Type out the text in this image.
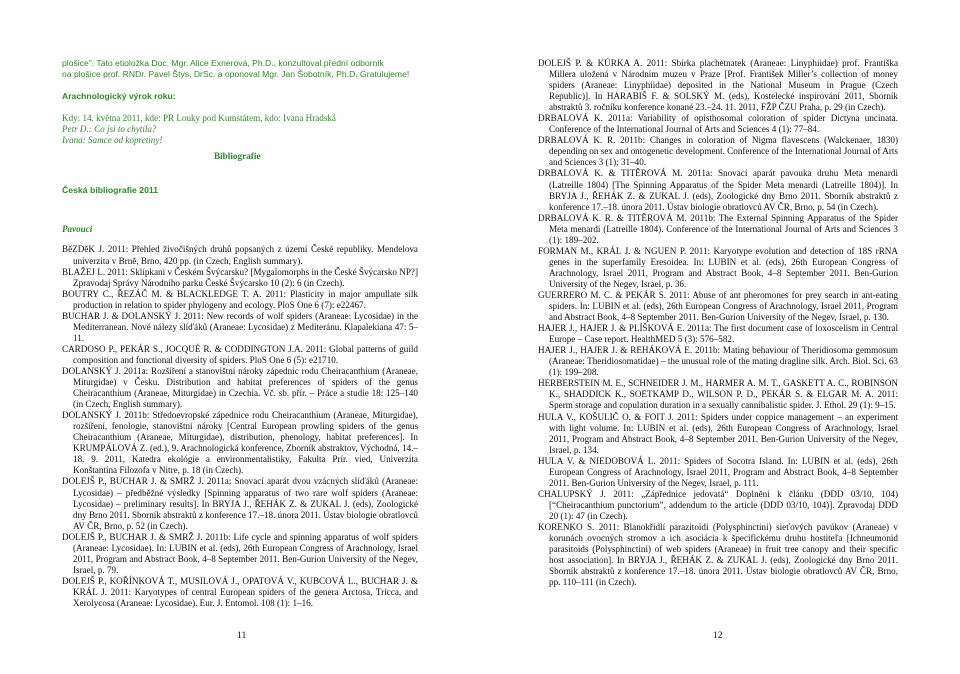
plošice". Tato etioložka Doc. Mgr. Alice Exnerová, Ph.D., konzultoval přední odborník

na plošice prof. RNDr. Pavel Štys, DrSc. a oponoval Mgr. Jan Šobotník, Ph.D. Gratulujeme!

Arachnologický výrok roku:

Kdy: 14. května 2011, kde: PR Louky pod Kumstátem, kdo: Ivana Hradská

Petr D.: Co jsi to chytila?

Ivana: Samce od kopretiny!

Bibliografie
Česká bibliografie 2011
Pavouci

BěZDěK J. 2011: Přehled živočišných druhů popsaných z území České republiky. Mendelova univerzita v Brně, Brno, 420 pp. (in Czech, English summary).

BLAŽEJ L. 2011: Sklípkani v Českém Švýcarsku? [Mygalomorphs in the České Švýcarsko NP?] Zpravodaj Správy Národního parku České Švýcarsko 10 (2): 6 (in Czech).

BOUTRY C., ŘEZÁČ M. & BLACKLEDGE T. A. 2011: Plasticity in major ampullate silk production in relation to spider phylogeny and ecology. PloS One 6 (7): e22467.

BUCHAR J. & DOLANSKÝ J. 2011: New records of wolf spiders (Araneae: Lycosidae) in the Mediterranean. Nové nálezy slíďáků (Araneae: Lycosidae) z Mediteránu. Klapalekiana 47: 5–11.

CARDOSO P., PEKÁR S., JOCQUÉ R. & CODDINGTON J.A. 2011: Global patterns of guild composition and functional diversity of spiders. PloS One 6 (5): e21710.

DOLANSKÝ J. 2011a: Rozšíření a stanovištní nároky zápednic rodu Cheiracanthium (Araneae, Miturgidae) v Česku. Distribution and habitat preferences of spiders of the genus Cheiracanthium (Araneae, Miturgidae) in Czechia. Vč. sb. přír. – Práce a studie 18: 125–140 (in Czech, English summary).

DOLANSKÝ J. 2011b: Středoevropské zápednice rodu Cheiracanthium (Araneae, Miturgidae), rozšíření, fenologie, stanovištní nároky [Central European prowling spiders of the genus Cheiracanthium (Araneae, Miturgidae), distribution, phenology, habitat preferences]. In KRUMPÁLOVÁ Z. (ed.), 9. Arachnologická konference, Zborník abstraktov, Východná, 14.–18. 9. 2011, Katedra ekológie a environmentalistiky, Fakulta Prír. vied, Univerzita Konštantína Filozofa v Nitre, p. 18 (in Czech).

DOLEJŠ P., BUCHAR J. & SMRŽ J. 2011a: Snovací aparát dvou vzácných slíďáků (Araneae: Lycosidae) – předběžné výsledky [Spinning apparatus of two rare wolf spiders (Araneae: Lycosidae) – preliminary results]. In BRYJA J., ŘEHÁK Z. & ZUKAL J. (eds), Zoologické dny Brno 2011. Sborník abstraktů z konference 17.–18. února 2011. Ústav biologie obratlovců AV ČR, Brno, p. 52 (in Czech).

DOLEJŠ P., BUCHAR J. & SMRŽ J. 2011b: Life cycle and spinning apparatus of wolf spiders (Araneae: Lycosidae). In: LUBIN et al. (eds), 26th European Congress of Arachnology, Israel 2011, Program and Abstract Book, 4–8 September 2011. Ben-Gurion University of the Negev, Israel, p. 79.

DOLEJŠ P., KOŘÍNKOVÁ T., MUSILOVÁ J., OPATOVÁ V., KUBCOVÁ L., BUCHAR J. & KRÁL J. 2011: Karyotypes of central European spiders of the genera Arctosa, Tricca, and Xerolycosa (Araneae: Lycosidae). Eur. J. Entomol. 108 (1): 1–16.

11

DOLEJŠ P. & KÚRKA A. 2011: Sbírka plachetnatek (Araneae: Linyphiidae) prof. Františka Millera uložená v Národním muzeu v Praze [Prof. František Miller’s collection of money spiders (Araneae: Linyphiidae) deposited in the National Museum in Prague (Czech Republic)]. In HARABIŠ F. & SOLSKÝ M. (eds), Kostelecké inspirování 2011, Sborník abstraktů 3. ročníku konference konané 23.–24. 11. 2011, FŽP ČZU Praha, p. 29 (in Czech).

DRBALOVÁ K. 2011a: Variability of opisthosomal coloration of spider Dictyna uncinata. Conference of the International Journal of Arts and Sciences 4 (1): 77–84.

DRBALOVÁ K. R. 2011b: Changes in coloration of Nigma flavescens (Walckenaer, 1830) depending on sex and ontogenetic development. Conference of the International Journal of Arts and Sciences 3 (1): 31–40.

DRBALOVÁ K. & TITĚROVÁ M. 2011a: Snovací aparát pavouka druhu Meta menardi (Latreille 1804) [The Spinning Apparatus of the Spider Meta menardi (Latreille 1804)]. In BRYJA J., ŘEHÁK Z. & ZUKAL J. (eds), Zoologické dny Brno 2011. Sborník abstraktů z konference 17.–18. února 2011. Ústav biologie obratlovců AV ČR, Brno, p. 54 (in Czech).

DRBALOVÁ K. R. & TITĚROVÁ M. 2011b: The External Spinning Apparatus of the Spider Meta menardi (Latreille 1804). Conference of the International Journal of Arts and Sciences 3 (1): 189–202.

FORMAN M., KRÁL J. & NGUEN P. 2011: Karyotype evolution and detection of 18S rRNA genes in the superfamily Eresoidea. In: LUBIN et al. (eds), 26th European Congress of Arachnology, Israel 2011, Program and Abstract Book, 4–8 September 2011. Ben-Gurion University of the Negev, Israel, p. 36.

GUERRERO M. C. & PEKÁR S. 2011: Abuse of ant pheromones for prey search in ant-eating spiders. In: LUBIN et al. (eds), 26th European Congress of Arachnology, Israel 2011, Program and Abstract Book, 4–8 September 2011. Ben-Gurion University of the Negev, Israel, p. 130.

HAJER J., HAJER J. & PLÍŠKOVÁ E. 2011a: The first document case of loxoscelism in Central Europe – Case report. HealthMED 5 (3): 576–582.

HAJER J., HAJER J. & REHÁKOVÁ E. 2011b: Mating behaviour of Theridiosoma gemmosum (Araneae: Theridiosomatidae) – the unusual role of the mating dragline silk. Arch. Biol. Sci. 63 (1): 199–208.

HERBERSTEIN M. E., SCHNEIDER J. M., HARMER A. M. T., GASKETT A. C., ROBINSON K., SHADDICK K., SOETKAMP D., WILSON P. D., PEKÁR S. & ELGAR M. A. 2011: Sperm storage and copulation duration in a sexually cannibalistic spider. J. Ethol. 29 (1): 9–15.

HULA V., KOŠULIČ O. & FOIT J. 2011: Spiders under coppice management – an experiment with light volume. In: LUBIN et al. (eds), 26th European Congress of Arachnology, Israel 2011, Program and Abstract Book, 4–8 September 2011. Ben-Gurion University of the Negev, Israel, p. 134.

HULA V. & NIEDOBOVÁ L. 2011: Spiders of Socotra Island. In: LUBIN et al. (eds), 26th European Congress of Arachnology, Israel 2011, Program and Abstract Book, 4–8 September 2011. Ben-Gurion University of the Negev, Israel, p. 111.

CHALUPSKÝ J. 2011: „Zápřednice jedovatá“ Doplnění k článku (DDD 03/10, 104) [“Cheiracanthium punctorium”, addendum to the article (DDD 03/10, 104)]. Zpravodaj DDD 20 (1): 47 (in Czech).

KORENKO S. 2011: Blanokřídlí parazitoidi (Polysphinctini) sieťových pavúkov (Araneae) v korunách ovocných stromov a ich asociácia k špecifickému druhu hostiteľa [Ichneumonid parasitoids (Polysphinctini) of web spiders (Araneae) in fruit tree canopy and their specific host association]. In BRYJA J., ŘEHÁK Z. & ZUKAL J. (eds), Zoologické dny Brno 2011. Sborník abstraktů z konference 17.–18. února 2011. Ústav biologie obratlovců AV ČR, Brno, pp. 110–111 (in Czech).

12
